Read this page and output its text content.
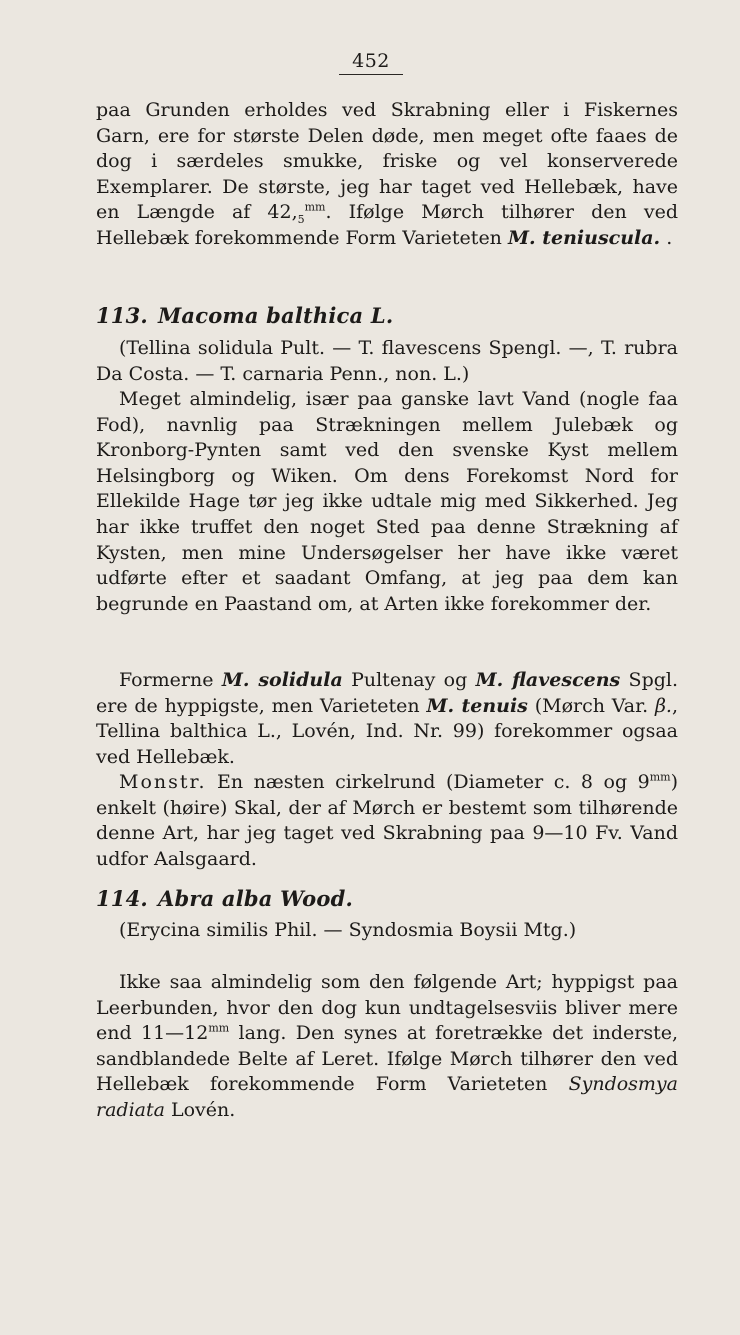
452
paa Grunden erholdes ved Skrabning eller i Fiskernes Garn, ere for største Delen døde, men meget ofte faaes de dog i særdeles smukke, friske og vel konserverede Exemplarer. De største, jeg har taget ved Hellebæk, have en Længde af $42,_5^{mm}$. Ifølge Mørch tilhører den ved Hellebæk forekommende Form Varieteten M. teniuscula. .
113. Macoma balthica L.
(Tellina solidula Pult. — T. flavescens Spengl. —, T. rubra Da Costa. — T. carnaria Penn., non. L.)
Meget almindelig, især paa ganske lavt Vand (nogle faa Fod), navnlig paa Strækningen mellem Julebæk og Kronborg-Pynten samt ved den svenske Kyst mellem Helsingborg og Wiken. Om dens Forekomst Nord for Ellekilde Hage tør jeg ikke udtale mig med Sikkerhed. Jeg har ikke truffet den noget Sted paa denne Strækning af Kysten, men mine Undersøgelser her have ikke været udførte efter et saadant Omfang, at jeg paa dem kan begrunde en Paastand om, at Arten ikke forekommer der.
Formerne M. solidula Pultenay og M. flavescens Spgl. ere de hyppigste, men Varieteten M. tenuis (Mørch Var. β., Tellina balthica L., Lovén, Ind. Nr. 99) forekommer ogsaa ved Hellebæk.
Monstr. En næsten cirkelrund (Diameter c. 8 og $9^{mm}$) enkelt (høire) Skal, der af Mørch er bestemt som tilhørende denne Art, har jeg taget ved Skrabning paa 9—10 Fv. Vand udfor Aalsgaard.
114. Abra alba Wood.
(Erycina similis Phil. — Syndosmia Boysii Mtg.)
Ikke saa almindelig som den følgende Art; hyppigst paa Leerbunden, hvor den dog kun undtagelsesviis bliver mere end $11—12^{mm}$ lang. Den synes at foretrække det inderste, sandblandede Belte af Leret. Ifølge Mørch tilhører den ved Hellebæk forekommende Form Varieteten Syndosmya radiata Lovén.
